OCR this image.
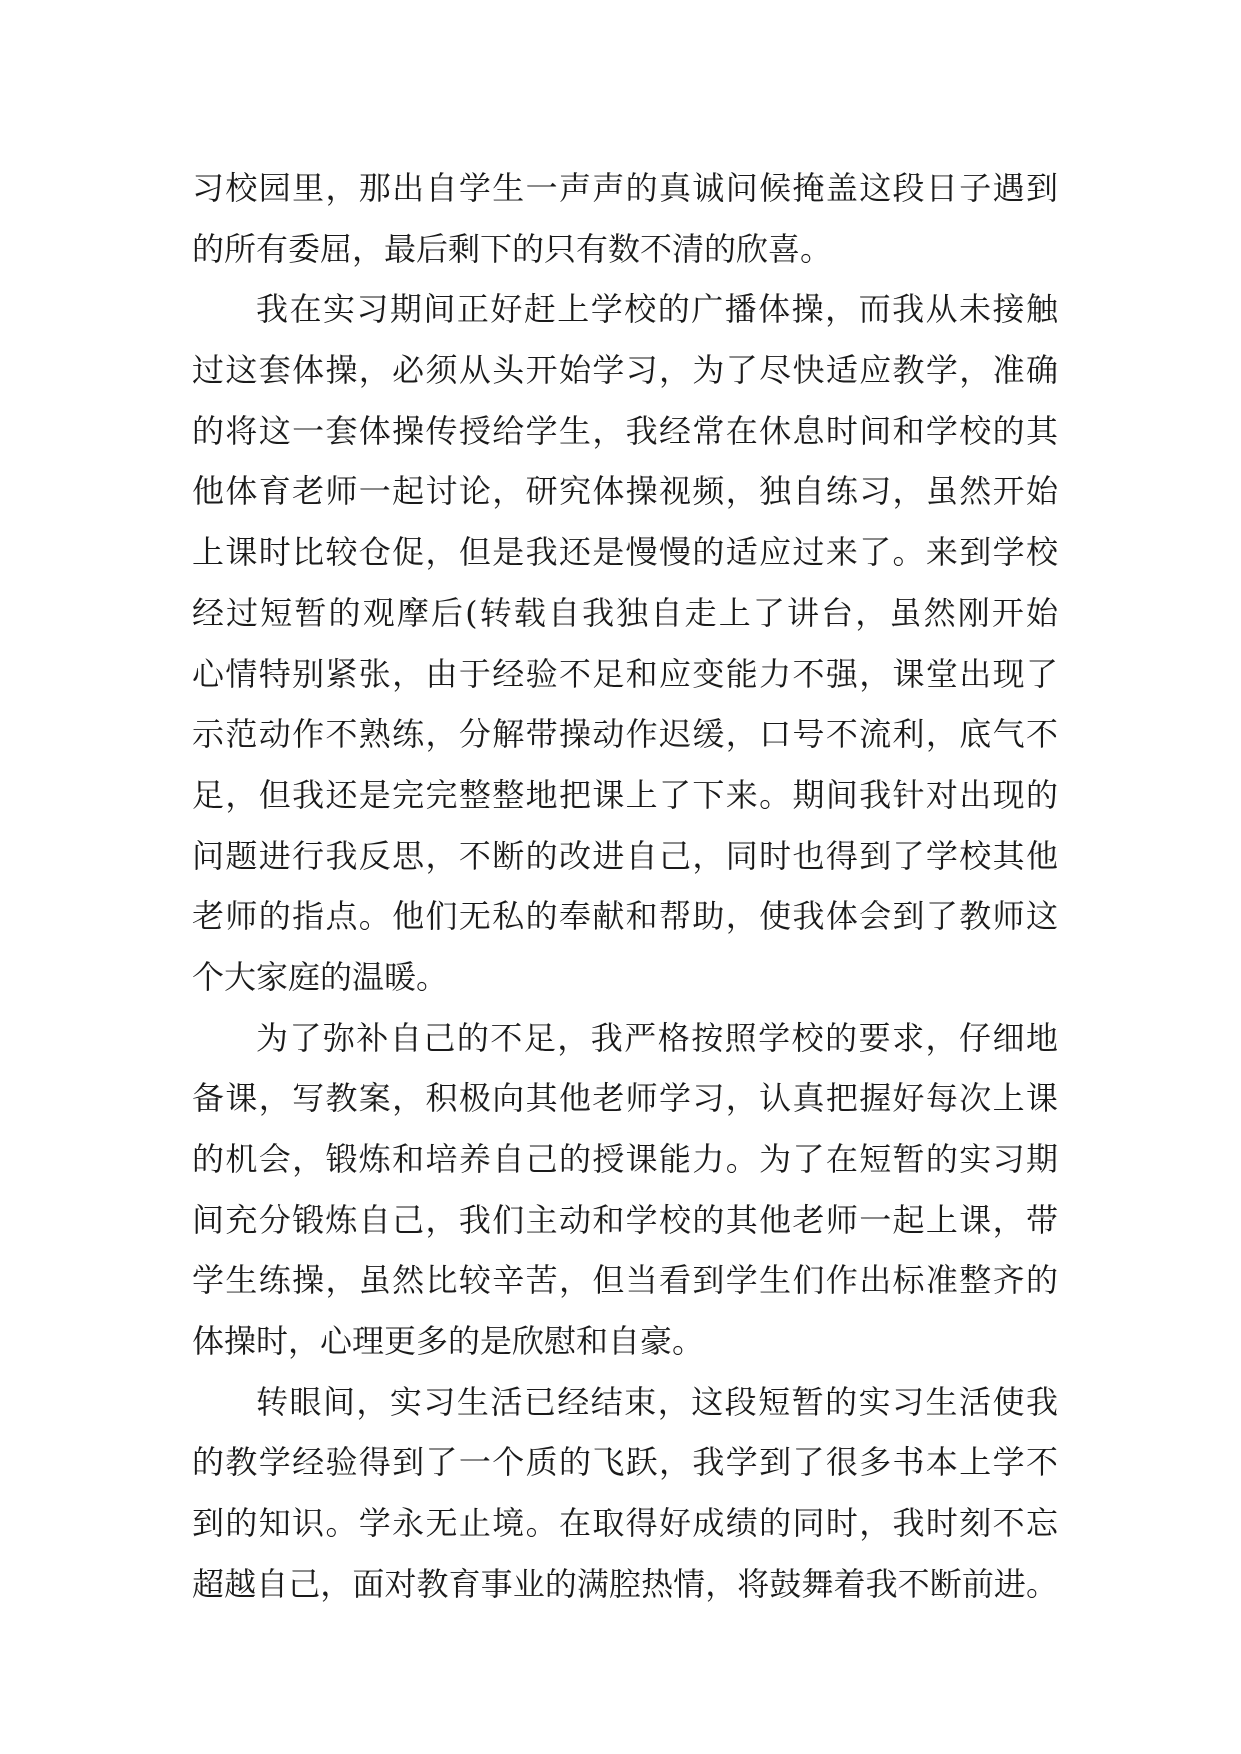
习校园里，那出自学生一声声的真诚问候掩盖这段日子遇到
的所有委屈，最后剩下的只有数不清的欣喜。
我在实习期间正好赶上学校的广播体操，而我从未接触
过这套体操，必须从头开始学习，为了尽快适应教学，准确
的将这一套体操传授给学生，我经常在休息时间和学校的其
他体育老师一起讨论，研究体操视频，独自练习，虽然开始
上课时比较仓促，但是我还是慢慢的适应过来了。来到学校
经过短暂的观摩后(转载自我独自走上了讲台，虽然刚开始
心情特别紧张，由于经验不足和应变能力不强，课堂出现了
示范动作不熟练，分解带操动作迟缓，口号不流利，底气不
足，但我还是完完整整地把课上了下来。期间我针对出现的
问题进行我反思，不断的改进自己，同时也得到了学校其他
老师的指点。他们无私的奉献和帮助，使我体会到了教师这
个大家庭的温暖。
为了弥补自己的不足，我严格按照学校的要求，仔细地
备课，写教案，积极向其他老师学习，认真把握好每次上课
的机会，锻炼和培养自己的授课能力。为了在短暂的实习期
间充分锻炼自己，我们主动和学校的其他老师一起上课，带
学生练操，虽然比较辛苦，但当看到学生们作出标准整齐的
体操时，心理更多的是欣慰和自豪。
转眼间，实习生活已经结束，这段短暂的实习生活使我
的教学经验得到了一个质的飞跃，我学到了很多书本上学不
到的知识。学永无止境。在取得好成绩的同时，我时刻不忘
超越自己，面对教育事业的满腔热情，将鼓舞着我不断前进。
